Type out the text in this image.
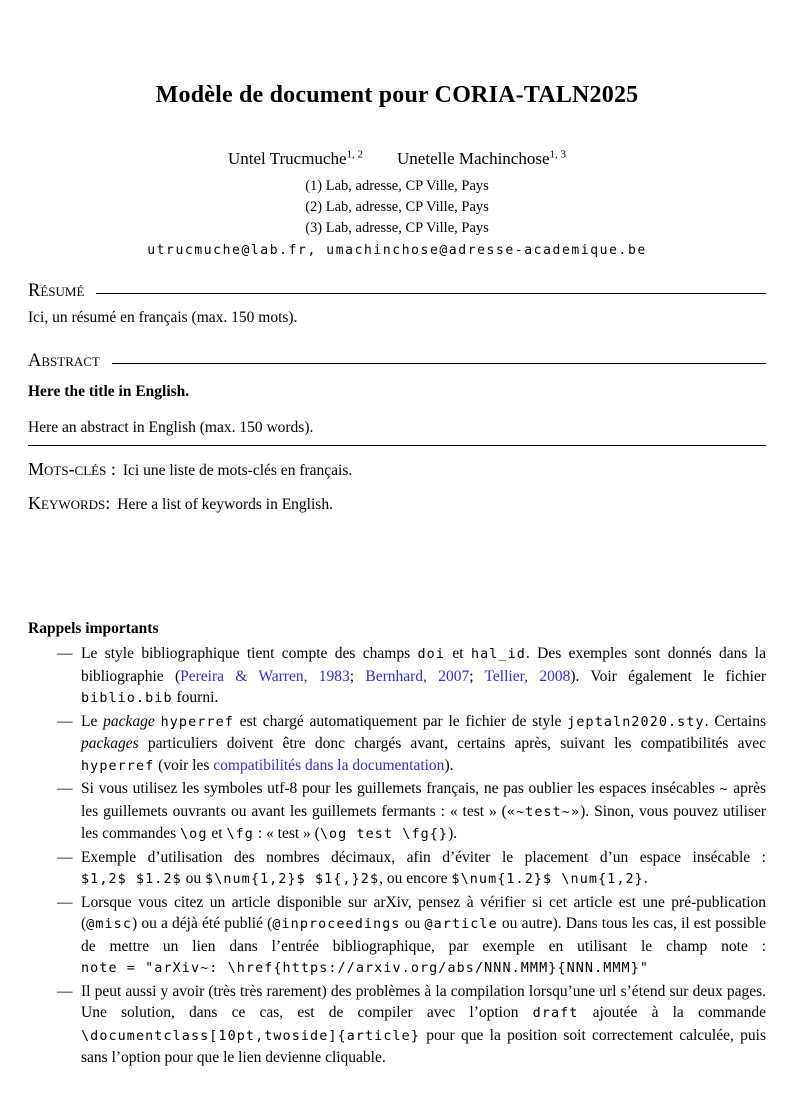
Modèle de document pour CORIA-TALN2025
Untel Trucmuche$^{1, 2}$ Unetelle Machinchose$^{1, 3}$
(1) Lab, adresse, CP Ville, Pays
(2) Lab, adresse, CP Ville, Pays
(3) Lab, adresse, CP Ville, Pays
utrucmuche@lab.fr, umachinchose@adresse-academique.be
Résumé

Ici, un résumé en français (max. 150 mots).

Abstract

Here the title in English.

Here an abstract in English (max. 150 words).

Mots-clés : Ici une liste de mots-clés en français.
Keywords: Here a list of keywords in English.
Rappels importants
— Le style bibliographique tient compte des champs doi et hal_id. Des exemples sont donnés dans la bibliographie (Pereira & Warren, 1983; Bernhard, 2007; Tellier, 2008). Voir également le fichier biblio.bib fourni.
— Le package hyperref est chargé automatiquement par le fichier de style jeptaln2020.sty. Certains packages particuliers doivent être donc chargés avant, certains après, suivant les compatibilités avec hyperref (voir les compatibilités dans la documentation).
— Si vous utilisez les symboles utf-8 pour les guillemets français, ne pas oublier les espaces insécables ~ après les guillemets ouvrants ou avant les guillemets fermants : « test » («~test~»). Sinon, vous pouvez utiliser les commandes \og et \fg : « test » (\og test \fg{}).
— Exemple d’utilisation des nombres décimaux, afin d’éviter le placement d’un espace insécable : $1,2$ $1.2$ ou $\num{1,2}$ $1{,}2$, ou encore $\num{1.2}$ \num{1,2}.
— Lorsque vous citez un article disponible sur arXiv, pensez à vérifier si cet article est une pré-publication (@misc) ou a déjà été publié (@inproceedings ou @article ou autre). Dans tous les cas, il est possible de mettre un lien dans l’entrée bibliographique, par exemple en utilisant le champ note : note = "arXiv~: \href{https://arxiv.org/abs/NNN.MMM}{NNN.MMM}"
— Il peut aussi y avoir (très très rarement) des problèmes à la compilation lorsqu’une url s’étend sur deux pages. Une solution, dans ce cas, est de compiler avec l’option draft ajoutée à la commande \documentclass[10pt,twoside]{article} pour que la position soit correctement calculée, puis sans l’option pour que le lien devienne cliquable.
